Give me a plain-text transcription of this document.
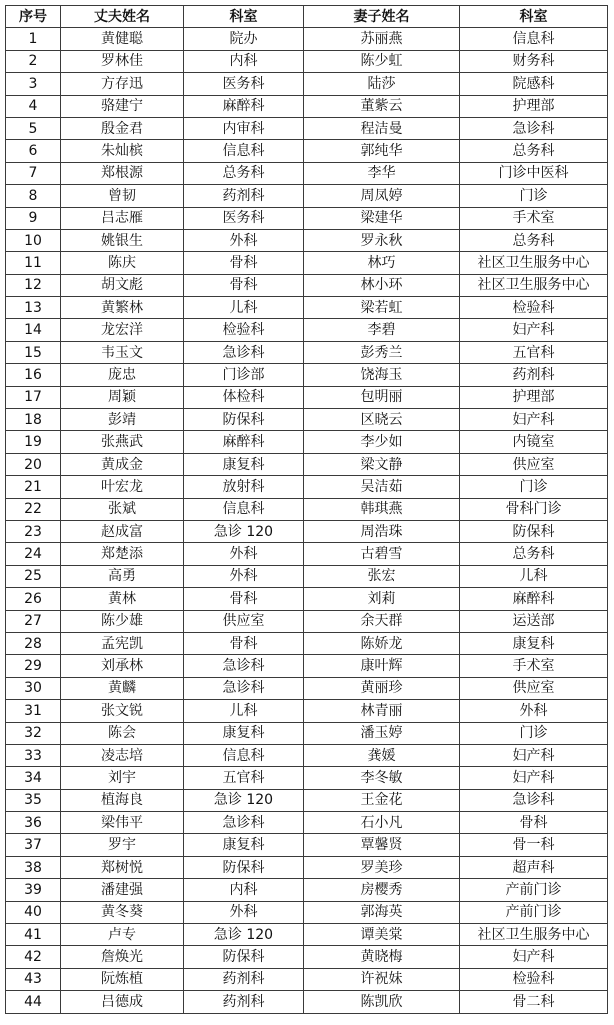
序号	丈夫姓名	科室	妻子姓名	科室
1	黄健聪	院办	苏丽燕	信息科
2	罗林佳	内科	陈少虹	财务科
3	方存迅	医务科	陆莎	院感科
4	骆建宁	麻醉科	董紫云	护理部
5	殷金君	内审科	程洁曼	急诊科
6	朱灿槟	信息科	郭纯华	总务科
7	郑根源	总务科	李华	门诊中医科
8	曾韧	药剂科	周凤婷	门诊
9	吕志雁	医务科	梁建华	手术室
10	姚银生	外科	罗永秋	总务科
11	陈庆	骨科	林巧	社区卫生服务中心
12	胡文彪	骨科	林小环	社区卫生服务中心
13	黄繁林	儿科	梁若虹	检验科
14	龙宏洋	检验科	李碧	妇产科
15	韦玉文	急诊科	彭秀兰	五官科
16	庞忠	门诊部	饶海玉	药剂科
17	周颖	体检科	包明丽	护理部
18	彭靖	防保科	区晓云	妇产科
19	张燕武	麻醉科	李少如	内镜室
20	黄成金	康复科	梁文静	供应室
21	叶宏龙	放射科	吴洁茹	门诊
22	张斌	信息科	韩琪燕	骨科门诊
23	赵成富	急诊 120	周浩珠	防保科
24	郑楚添	外科	古碧雪	总务科
25	高勇	外科	张宏	儿科
26	黄林	骨科	刘莉	麻醉科
27	陈少雄	供应室	余天群	运送部
28	孟宪凯	骨科	陈娇龙	康复科
29	刘承林	急诊科	康叶辉	手术室
30	黄麟	急诊科	黄丽珍	供应室
31	张文锐	儿科	林青丽	外科
32	陈会	康复科	潘玉婷	门诊
33	凌志培	信息科	龚媛	妇产科
34	刘宇	五官科	李冬敏	妇产科
35	植海良	急诊 120	王金花	急诊科
36	梁伟平	急诊科	石小凡	骨科
37	罗宇	康复科	覃馨贤	骨一科
38	郑树悦	防保科	罗美珍	超声科
39	潘建强	内科	房樱秀	产前门诊
40	黄冬葵	外科	郭海英	产前门诊
41	卢专	急诊 120	谭美棠	社区卫生服务中心
42	詹焕光	防保科	黄晓梅	妇产科
43	阮炼植	药剂科	许祝妹	检验科
44	吕德成	药剂科	陈凯欣	骨二科
